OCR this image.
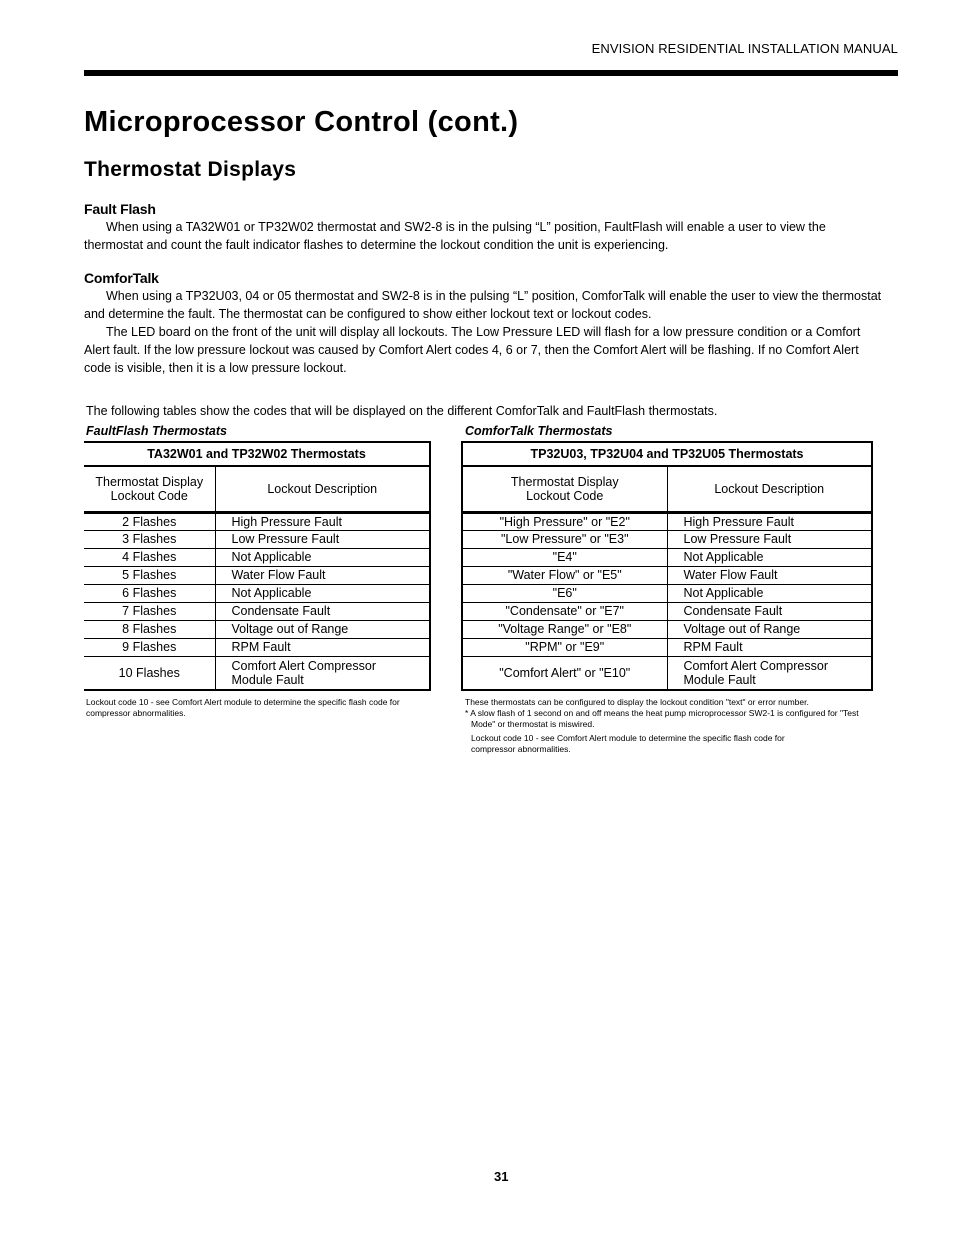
ENVISION RESIDENTIAL INSTALLATION MANUAL
Microprocessor Control (cont.)
Thermostat Displays
Fault Flash

When using a TA32W01 or TP32W02 thermostat and SW2-8 is in the pulsing “L” position, FaultFlash will enable a user to view the thermostat and count the fault indicator flashes to determine the lockout condition the unit is experiencing.

ComforTalk

When using a TP32U03, 04 or 05 thermostat and SW2-8 is in the pulsing “L” position, ComforTalk will enable the user to view the thermostat and determine the fault. The thermostat can be configured to show either lockout text or lockout codes.

The LED board on the front of the unit will display all lockouts. The Low Pressure LED will flash for a low pressure condition or a Comfort Alert fault. If the low pressure lockout was caused by Comfort Alert codes 4, 6 or 7, then the Comfort Alert will be flashing. If no Comfort Alert code is visible, then it is a low pressure lockout.

The following tables show the codes that will be displayed on the different ComforTalk and FaultFlash thermostats.
FaultFlash Thermostats	ComforTalk Thermostats
TA32W01 and TP32W02 Thermostats	
Thermostat Display
Lockout Code	Lockout Description
2 Flashes	High Pressure Fault
3 Flashes	Low Pressure Fault
4 Flashes	Not Applicable
5 Flashes	Water Flow Fault
6 Flashes	Not Applicable
7 Flashes	Condensate Fault
8 Flashes	Voltage out of Range
9 Flashes	RPM Fault
10 Flashes	Comfort Alert Compressor
Module Fault
TP32U03, TP32U04 and TP32U05 Thermostats	
Thermostat Display
Lockout Code	Lockout Description
"High Pressure" or "E2"	High Pressure Fault
"Low Pressure" or "E3"	Low Pressure Fault
"E4"	Not Applicable
"Water Flow" or "E5"	Water Flow Fault
"E6"	Not Applicable
"Condensate" or "E7"	Condensate Fault
"Voltage Range" or "E8"	Voltage out of Range
"RPM" or "E9"	RPM Fault
"Comfort Alert" or "E10"	Comfort Alert Compressor
Module Fault
Lockout code 10 - see Comfort Alert module to determine the specific flash code for compressor abnormalities.
These thermostats can be configured to display the lockout condition "text" or error number.
* A slow flash of 1 second on and off means the heat pump microprocessor SW2-1 is configured for "Test Mode" or thermostat is miswired.
Lockout code 10 - see Comfort Alert module to determine the specific flash code for compressor abnormalities.
31
